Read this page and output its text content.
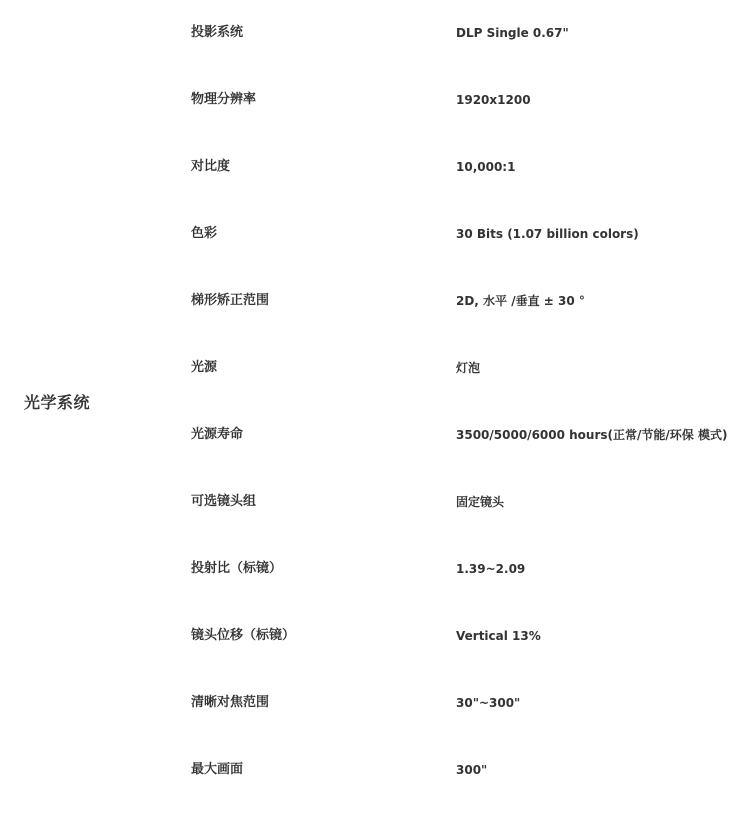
光学系统
投影系统	DLP Single 0.67"
物理分辨率	1920x1200
对比度	10,000:1
色彩	30 Bits (1.07 billion colors)
梯形矫正范围	2D, 水平 /垂直 ± 30 °
光源	灯泡
光源寿命	3500/5000/6000 hours(正常/节能/环保 模式)
可选镜头组	固定镜头
投射比（标镜）	1.39~2.09
镜头位移（标镜）	Vertical 13%
清晰对焦范围	30"~300"
最大画面	300"
